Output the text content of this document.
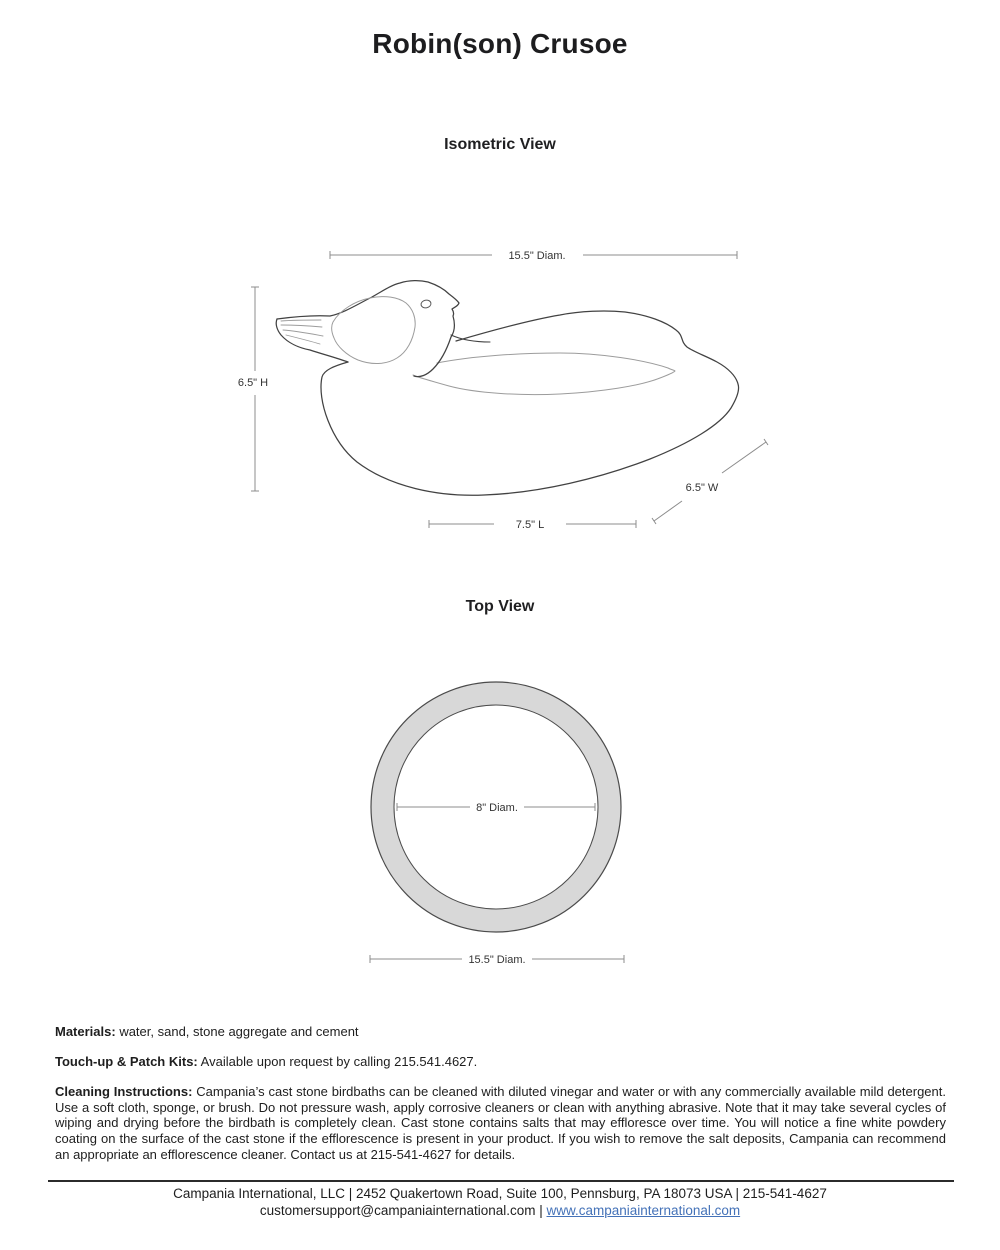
Robin(son) Crusoe
Isometric View
Top View
15.5" Diam.
6.5" H
7.5" L
6.5" W
8" Diam.
15.5" Diam.

Materials: water, sand, stone aggregate and cement

Touch-up & Patch Kits: Available upon request by calling 215.541.4627.

Cleaning Instructions: Campania’s cast stone birdbaths can be cleaned with diluted vinegar and water or with any commercially available mild detergent. Use a soft cloth, sponge, or brush. Do not pressure wash, apply corrosive cleaners or clean with anything abrasive. Note that it may take several cycles of wiping and drying before the birdbath is completely clean. Cast stone contains salts that may effloresce over time. You will notice a fine white powdery coating on the surface of the cast stone if the efflorescence is present in your product. If you wish to remove the salt deposits, Campania can recommend an appropriate an efflorescence cleaner. Contact us at 215-541-4627 for details.

Campania International, LLC | 2452 Quakertown Road, Suite 100, Pennsburg, PA 18073 USA | 215-541-4627
customersupport@campaniainternational.com | www.campaniainternational.com
